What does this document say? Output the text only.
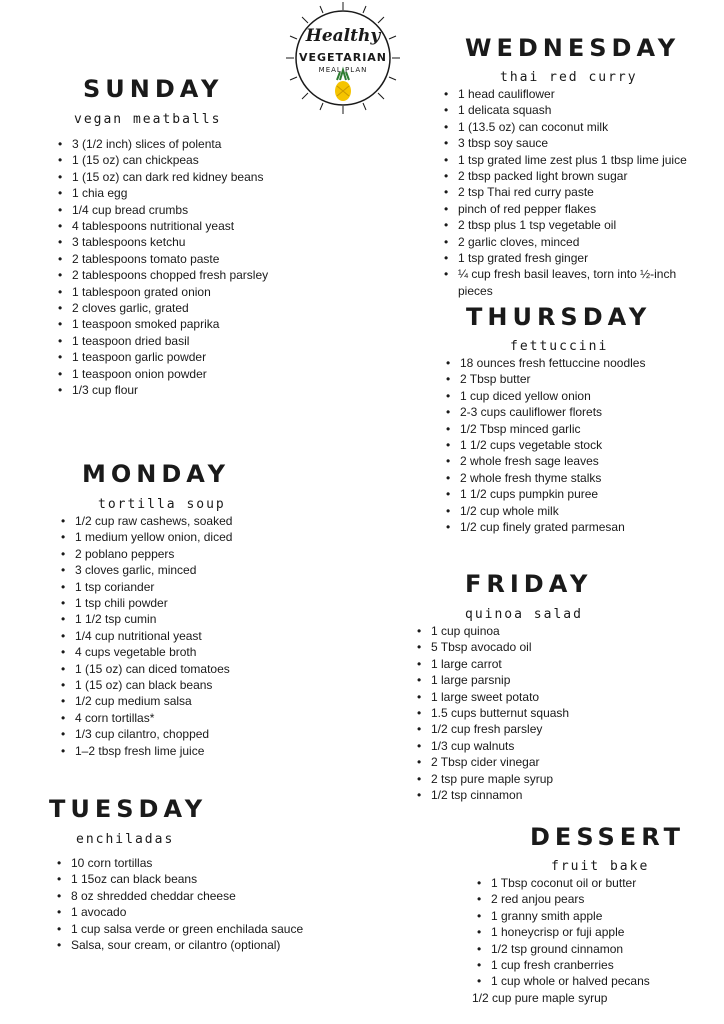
Healthy
VEGETARIAN
MEAL PLAN
SUNDAY
vegan meatballs
• 3 (1/2 inch) slices of polenta
• 1 (15 oz) can chickpeas
• 1 (15 oz) can dark red kidney beans
• 1 chia egg
• 1/4 cup bread crumbs
• 4 tablespoons nutritional yeast
• 3 tablespoons ketchu
• 2 tablespoons tomato paste
• 2 tablespoons chopped fresh parsley
• 1 tablespoon grated onion
• 2 cloves garlic, grated
• 1 teaspoon smoked paprika
• 1 teaspoon dried basil
• 1 teaspoon garlic powder
• 1 teaspoon onion powder
• 1/3 cup flour
MONDAY
tortilla soup
• 1/2 cup raw cashews, soaked
• 1 medium yellow onion, diced
• 2 poblano peppers
• 3 cloves garlic, minced
• 1 tsp coriander
• 1 tsp chili powder
• 1 1/2 tsp cumin
• 1/4 cup nutritional yeast
• 4 cups vegetable broth
• 1 (15 oz) can diced tomatoes
• 1 (15 oz) can black beans
• 1/2 cup medium salsa
• 4 corn tortillas*
• 1/3 cup cilantro, chopped
• 1–2 tbsp fresh lime juice
TUESDAY
enchiladas
• 10 corn tortillas
• 1 15oz can black beans
• 8 oz shredded cheddar cheese
• 1 avocado
• 1 cup salsa verde or green enchilada sauce
• Salsa, sour cream, or cilantro (optional)
WEDNESDAY
thai red curry
• 1 head cauliflower
• 1 delicata squash
• 1 (13.5 oz) can coconut milk
• 3 tbsp soy sauce
• 1 tsp grated lime zest plus 1 tbsp lime juice
• 2 tbsp packed light brown sugar
• 2 tsp Thai red curry paste
• pinch of red pepper flakes
• 2 tbsp plus 1 tsp vegetable oil
• 2 garlic cloves, minced
• 1 tsp grated fresh ginger
• ¼ cup fresh basil leaves, torn into ½-inch pieces
THURSDAY
fettuccini
• 18 ounces fresh fettuccine noodles
• 2 Tbsp butter
• 1 cup diced yellow onion
• 2-3 cups cauliflower florets
• 1/2 Tbsp minced garlic
• 1 1/2 cups vegetable stock
• 2 whole fresh sage leaves
• 2 whole fresh thyme stalks
• 1 1/2 cups pumpkin puree
• 1/2 cup whole milk
• 1/2 cup finely grated parmesan
FRIDAY
quinoa salad
• 1 cup quinoa
• 5 Tbsp avocado oil
• 1 large carrot
• 1 large parsnip
• 1 large sweet potato
• 1.5 cups butternut squash
• 1/2 cup fresh parsley
• 1/3 cup walnuts
• 2 Tbsp cider vinegar
• 2 tsp pure maple syrup
• 1/2 tsp cinnamon
DESSERT
fruit bake
• 1 Tbsp coconut oil or butter
• 2 red anjou pears
• 1 granny smith apple
• 1 honeycrisp or fuji apple
• 1/2 tsp ground cinnamon
• 1 cup fresh cranberries
• 1 cup whole or halved pecans
1/2 cup pure maple syrup
